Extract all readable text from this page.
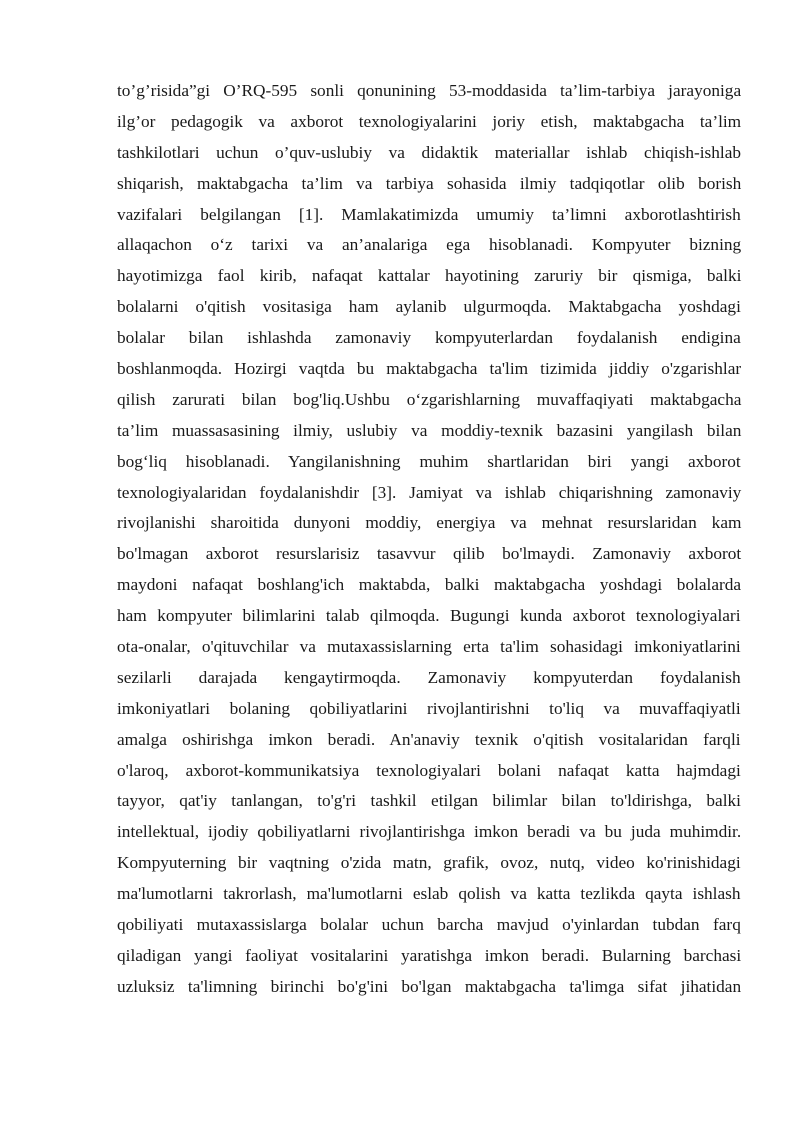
to’g’risida”gi O’RQ-595 sonli qonunining 53-moddasida ta’lim-tarbiya jarayoniga
ilg’or pedagogik va axborot texnologiyalarini joriy etish, maktabgacha ta’lim
tashkilotlari uchun o’quv-uslubiy va didaktik materiallar ishlab chiqish-ishlab
shiqarish, maktabgacha ta’lim va tarbiya sohasida ilmiy tadqiqotlar olib borish
vazifalari belgilangan [1]. Mamlakatimizda umumiy ta’limni axborotlashtirish
allaqachon o‘z tarixi va an’analariga ega hisoblanadi. Kompyuter bizning
hayotimizga faol kirib, nafaqat kattalar hayotining zaruriy bir qismiga, balki
bolalarni o'qitish vositasiga ham aylanib ulgurmoqda. Maktabgacha yoshdagi
bolalar bilan ishlashda zamonaviy kompyuterlardan foydalanish endigina
boshlanmoqda. Hozirgi vaqtda bu maktabgacha ta'lim tizimida jiddiy o'zgarishlar
qilish zarurati bilan bog'liq.Ushbu o‘zgarishlarning muvaffaqiyati maktabgacha
ta’lim muassasasining ilmiy, uslubiy va moddiy-texnik bazasini yangilash bilan
bog‘liq hisoblanadi. Yangilanishning muhim shartlaridan biri yangi axborot
texnologiyalaridan foydalanishdir [3]. Jamiyat va ishlab chiqarishning zamonaviy
rivojlanishi sharoitida dunyoni moddiy, energiya va mehnat resurslaridan kam
bo'lmagan axborot resurslarisiz tasavvur qilib bo'lmaydi. Zamonaviy axborot
maydoni nafaqat boshlang'ich maktabda, balki maktabgacha yoshdagi bolalarda
ham kompyuter bilimlarini talab qilmoqda. Bugungi kunda axborot texnologiyalari
ota-onalar, o'qituvchilar va mutaxassislarning erta ta'lim sohasidagi imkoniyatlarini
sezilarli darajada kengaytirmoqda. Zamonaviy kompyuterdan foydalanish
imkoniyatlari bolaning qobiliyatlarini rivojlantirishni to'liq va muvaffaqiyatli
amalga oshirishga imkon beradi. An'anaviy texnik o'qitish vositalaridan farqli
o'laroq, axborot-kommunikatsiya texnologiyalari bolani nafaqat katta hajmdagi
tayyor, qat'iy tanlangan, to'g'ri tashkil etilgan bilimlar bilan to'ldirishga, balki
intellektual, ijodiy qobiliyatlarni rivojlantirishga imkon beradi va bu juda muhimdir.
Kompyuterning bir vaqtning o'zida matn, grafik, ovoz, nutq, video ko'rinishidagi
ma'lumotlarni takrorlash, ma'lumotlarni eslab qolish va katta tezlikda qayta ishlash
qobiliyati mutaxassislarga bolalar uchun barcha mavjud o'yinlardan tubdan farq
qiladigan yangi faoliyat vositalarini yaratishga imkon beradi. Bularning barchasi
uzluksiz ta'limning birinchi bo'g'ini bo'lgan maktabgacha ta'limga sifat jihatidan
